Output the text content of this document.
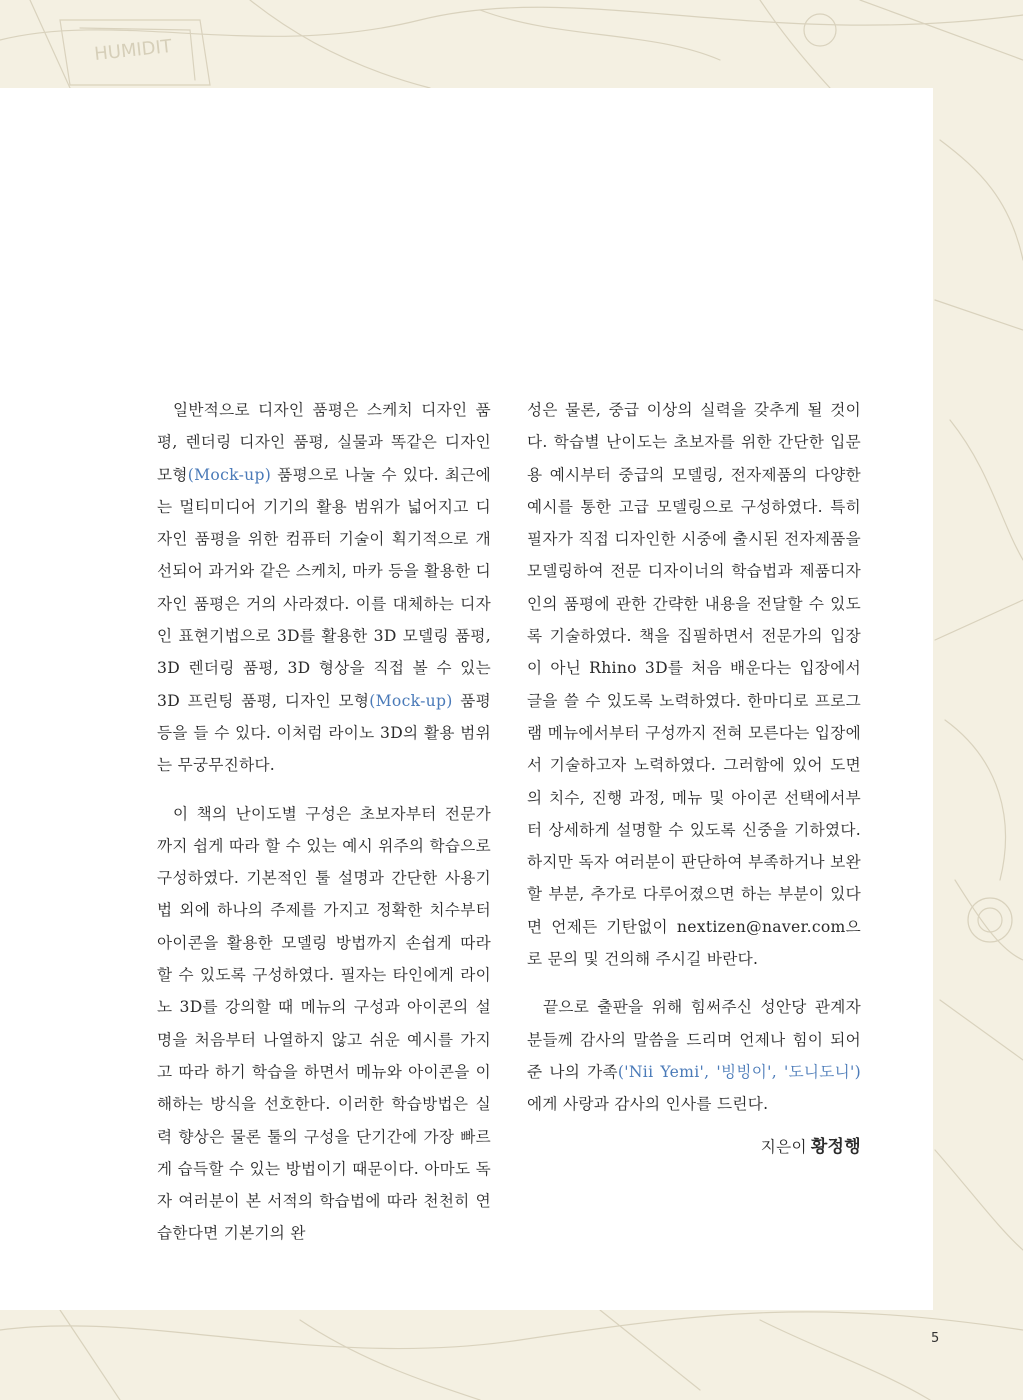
HUMIDIT

일반적으로 디자인 품평은 스케치 디자인 품평, 렌더링 디자인 품평, 실물과 똑같은 디자인 모형(Mock-up) 품평으로 나눌 수 있다. 최근에는 멀티미디어 기기의 활용 범위가 넓어지고 디자인 품평을 위한 컴퓨터 기술이 획기적으로 개선되어 과거와 같은 스케치, 마카 등을 활용한 디자인 품평은 거의 사라졌다. 이를 대체하는 디자인 표현기법으로 3D를 활용한 3D 모델링 품평, 3D 렌더링 품평, 3D 형상을 직접 볼 수 있는 3D 프린팅 품평, 디자인 모형(Mock-up) 품평 등을 들 수 있다. 이처럼 라이노 3D의 활용 범위는 무궁무진하다.

이 책의 난이도별 구성은 초보자부터 전문가까지 쉽게 따라 할 수 있는 예시 위주의 학습으로 구성하였다. 기본적인 툴 설명과 간단한 사용기법 외에 하나의 주제를 가지고 정확한 치수부터 아이콘을 활용한 모델링 방법까지 손쉽게 따라 할 수 있도록 구성하였다. 필자는 타인에게 라이노 3D를 강의할 때 메뉴의 구성과 아이콘의 설명을 처음부터 나열하지 않고 쉬운 예시를 가지고 따라 하기 학습을 하면서 메뉴와 아이콘을 이해하는 방식을 선호한다. 이러한 학습방법은 실력 향상은 물론 툴의 구성을 단기간에 가장 빠르게 습득할 수 있는 방법이기 때문이다. 아마도 독자 여러분이 본 서적의 학습법에 따라 천천히 연습한다면 기본기의 완

성은 물론, 중급 이상의 실력을 갖추게 될 것이다. 학습별 난이도는 초보자를 위한 간단한 입문용 예시부터 중급의 모델링, 전자제품의 다양한 예시를 통한 고급 모델링으로 구성하였다. 특히 필자가 직접 디자인한 시중에 출시된 전자제품을 모델링하여 전문 디자이너의 학습법과 제품디자인의 품평에 관한 간략한 내용을 전달할 수 있도록 기술하였다. 책을 집필하면서 전문가의 입장이 아닌 Rhino 3D를 처음 배운다는 입장에서 글을 쓸 수 있도록 노력하였다. 한마디로 프로그램 메뉴에서부터 구성까지 전혀 모른다는 입장에서 기술하고자 노력하였다. 그러함에 있어 도면의 치수, 진행 과정, 메뉴 및 아이콘 선택에서부터 상세하게 설명할 수 있도록 신중을 기하였다. 하지만 독자 여러분이 판단하여 부족하거나 보완할 부분, 추가로 다루어졌으면 하는 부분이 있다면 언제든 기탄없이 nextizen@naver.com으로 문의 및 건의해 주시길 바란다.

끝으로 출판을 위해 힘써주신 성안당 관계자 분들께 감사의 말씀을 드리며 언제나 힘이 되어 준 나의 가족('Nii Yemi', '빙빙이', '도니도니')에게 사랑과 감사의 인사를 드린다.

지은이 황정행
5
